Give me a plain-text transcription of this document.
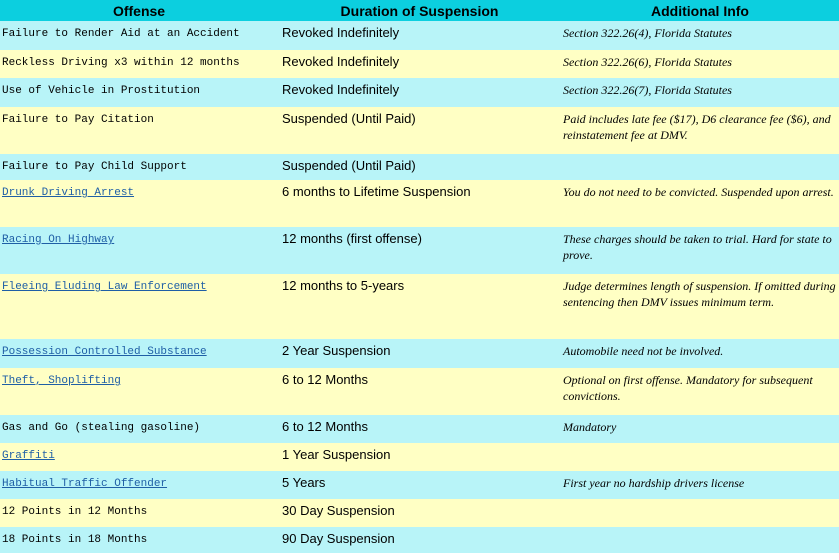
Offense	Duration of Suspension	Additional Info
Failure to Render Aid at an Accident	Revoked Indefinitely	Section 322.26(4), Florida Statutes
Reckless Driving x3 within 12 months	Revoked Indefinitely	Section 322.26(6), Florida Statutes
Use of Vehicle in Prostitution	Revoked Indefinitely	Section 322.26(7), Florida Statutes
Failure to Pay Citation	Suspended (Until Paid)	Paid includes late fee ($17), D6 clearance fee ($6), and reinstatement fee at DMV.
Failure to Pay Child Support	Suspended (Until Paid)	
Drunk Driving Arrest	6 months to Lifetime Suspension	You do not need to be convicted. Suspended upon arrest.
Racing On Highway	12 months (first offense)	These charges should be taken to trial. Hard for state to prove.
Fleeing Eluding Law Enforcement	12 months to 5-years	Judge determines length of suspension. If omitted during sentencing then DMV issues minimum term.
Possession Controlled Substance	2 Year Suspension	Automobile need not be involved.
Theft, Shoplifting	6 to 12 Months	Optional on first offense. Mandatory for subsequent convictions.
Gas and Go (stealing gasoline)	6 to 12 Months	Mandatory
Graffiti	1 Year Suspension	
Habitual Traffic Offender	5 Years	First year no hardship drivers license
12 Points in 12 Months	30 Day Suspension	
18 Points in 18 Months	90 Day Suspension	
